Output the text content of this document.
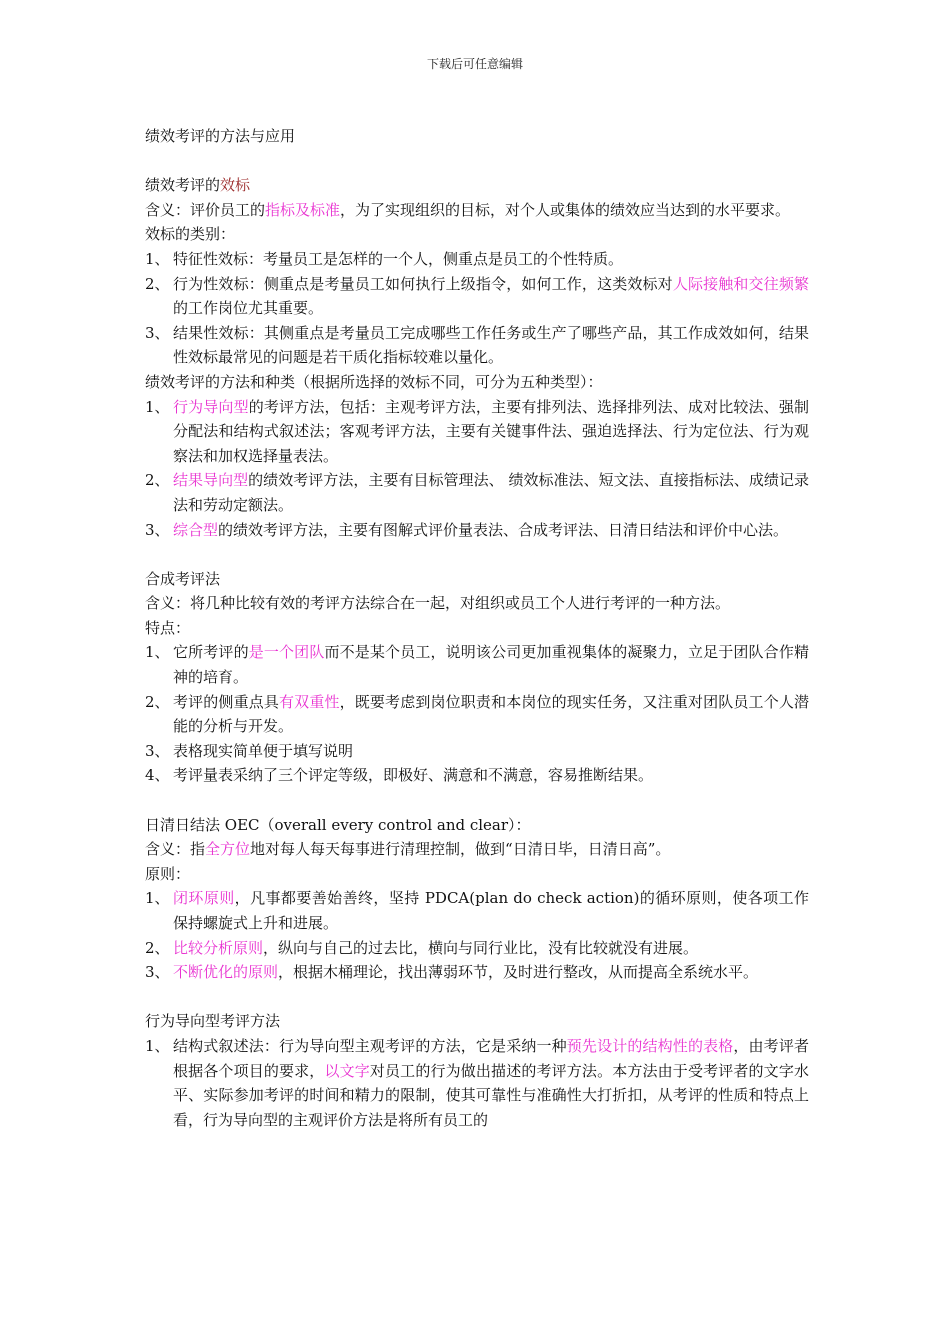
下载后可任意编辑

绩效考评的方法与应用

绩效考评的效标

含义：评价员工的指标及标准，为了实现组织的目标，对个人或集体的绩效应当达到的水平要求。

效标的类别：

1、 特征性效标：考量员工是怎样的一个人，侧重点是员工的个性特质。

2、 行为性效标：侧重点是考量员工如何执行上级指令，如何工作，这类效标对人际接触和交往频繁的工作岗位尤其重要。

3、 结果性效标：其侧重点是考量员工完成哪些工作任务或生产了哪些产品，其工作成效如何，结果性效标最常见的问题是若干质化指标较难以量化。

绩效考评的方法和种类（根据所选择的效标不同，可分为五种类型）：

1、 行为导向型的考评方法，包括：主观考评方法，主要有排列法、选择排列法、成对比较法、强制分配法和结构式叙述法；客观考评方法，主要有关键事件法、强迫选择法、行为定位法、行为观察法和加权选择量表法。

2、 结果导向型的绩效考评方法，主要有目标管理法、 绩效标准法、短文法、直接指标法、成绩记录法和劳动定额法。

3、 综合型的绩效考评方法，主要有图解式评价量表法、合成考评法、日清日结法和评价中心法。

合成考评法

含义：将几种比较有效的考评方法综合在一起，对组织或员工个人进行考评的一种方法。

特点：

1、 它所考评的是一个团队而不是某个员工，说明该公司更加重视集体的凝聚力，立足于团队合作精神的培育。

2、 考评的侧重点具有双重性，既要考虑到岗位职责和本岗位的现实任务，又注重对团队员工个人潜能的分析与开发。

3、 表格现实简单便于填写说明

4、 考评量表采纳了三个评定等级，即极好、满意和不满意，容易推断结果。

日清日结法 OEC（overall every control and clear）：

含义：指全方位地对每人每天每事进行清理控制，做到“日清日毕，日清日高”。

原则：

1、 闭环原则，凡事都要善始善终，坚持 PDCA(plan do check action)的循环原则，使各项工作保持螺旋式上升和进展。

2、 比较分析原则，纵向与自己的过去比，横向与同行业比，没有比较就没有进展。

3、 不断优化的原则，根据木桶理论，找出薄弱环节，及时进行整改，从而提高全系统水平。

行为导向型考评方法

1、 结构式叙述法：行为导向型主观考评的方法，它是采纳一种预先设计的结构性的表格，由考评者根据各个项目的要求，以文字对员工的行为做出描述的考评方法。本方法由于受考评者的文字水平、实际参加考评的时间和精力的限制，使其可靠性与准确性大打折扣，从考评的性质和特点上看，行为导向型的主观评价方法是将所有员工的
